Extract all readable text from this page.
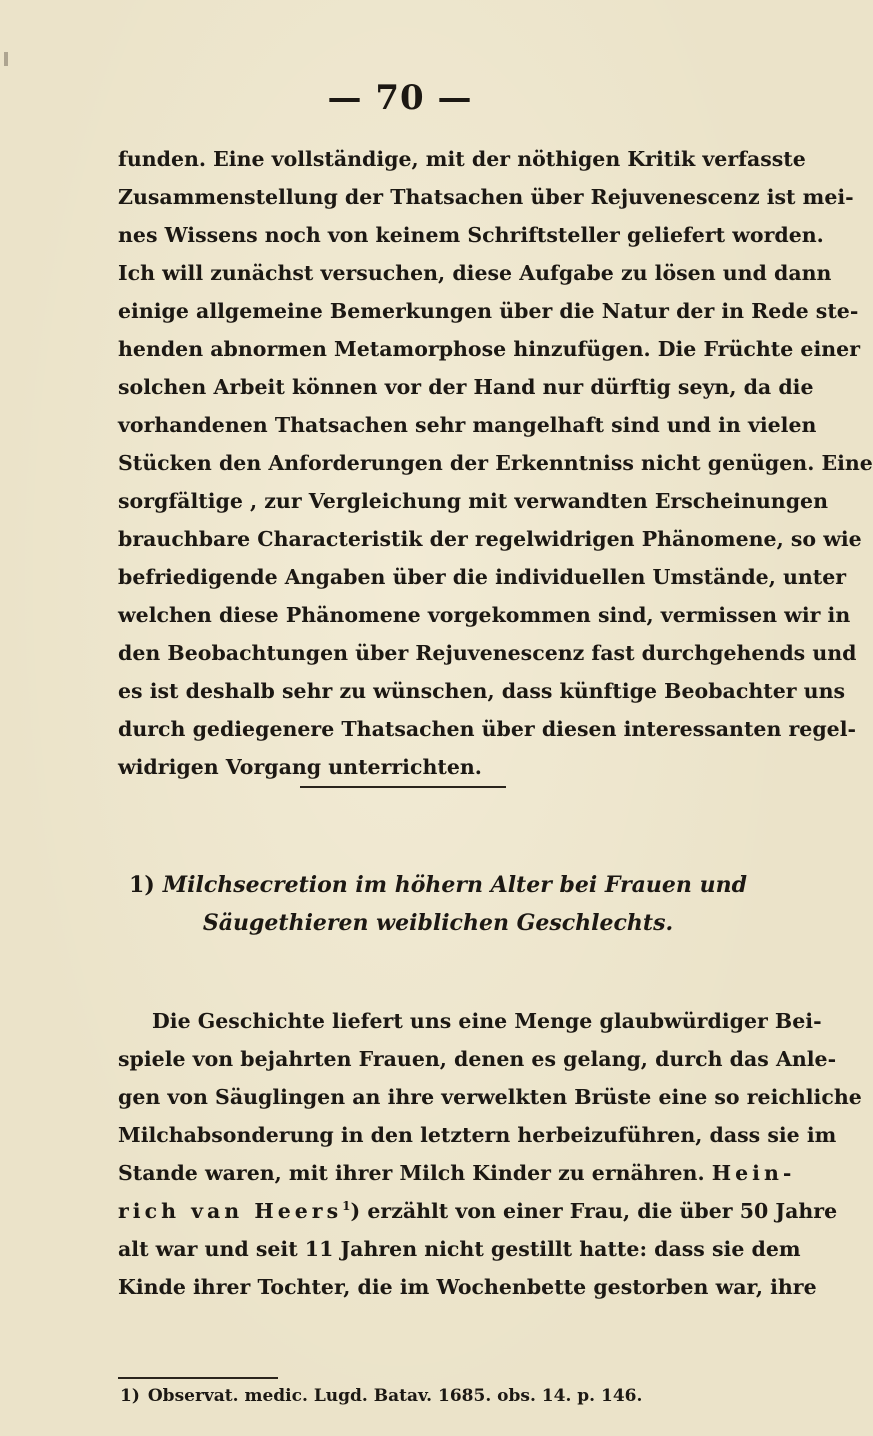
— 70 —
funden. Eine vollständige, mit der nöthigen Kritik verfasste
Zusammenstellung der Thatsachen über Rejuvenescenz ist mei-
nes Wissens noch von keinem Schriftsteller geliefert worden.
Ich will zunächst versuchen, diese Aufgabe zu lösen und dann
einige allgemeine Bemerkungen über die Natur der in Rede ste-
henden abnormen Metamorphose hinzufügen. Die Früchte einer
solchen Arbeit können vor der Hand nur dürftig seyn, da die
vorhandenen Thatsachen sehr mangelhaft sind und in vielen
Stücken den Anforderungen der Erkenntniss nicht genügen. Eine
sorgfältige , zur Vergleichung mit verwandten Erscheinungen
brauchbare Characteristik der regelwidrigen Phänomene, so wie
befriedigende Angaben über die individuellen Umstände, unter
welchen diese Phänomene vorgekommen sind, vermissen wir in
den Beobachtungen über Rejuvenescenz fast durchgehends und
es ist deshalb sehr zu wünschen, dass künftige Beobachter uns
durch gediegenere Thatsachen über diesen interessanten regel-
widrigen Vorgang unterrichten.
1) Milchsecretion im höhern Alter bei Frauen und
Säugethieren weiblichen Geschlechts.
Die Geschichte liefert uns eine Menge glaubwürdiger Bei-
spiele von bejahrten Frauen, denen es gelang, durch das Anle-
gen von Säuglingen an ihre verwelkten Brüste eine so reichliche
Milchabsonderung in den letztern herbeizuführen, dass sie im
Stande waren, mit ihrer Milch Kinder zu ernähren. Hein-
rich van Heers$^1$) erzählt von einer Frau, die über 50 Jahre
alt war und seit 11 Jahren nicht gestillt hatte: dass sie dem
Kinde ihrer Tochter, die im Wochenbette gestorben war, ihre
1) Observat. medic. Lugd. Batav. 1685. obs. 14. p. 146.
